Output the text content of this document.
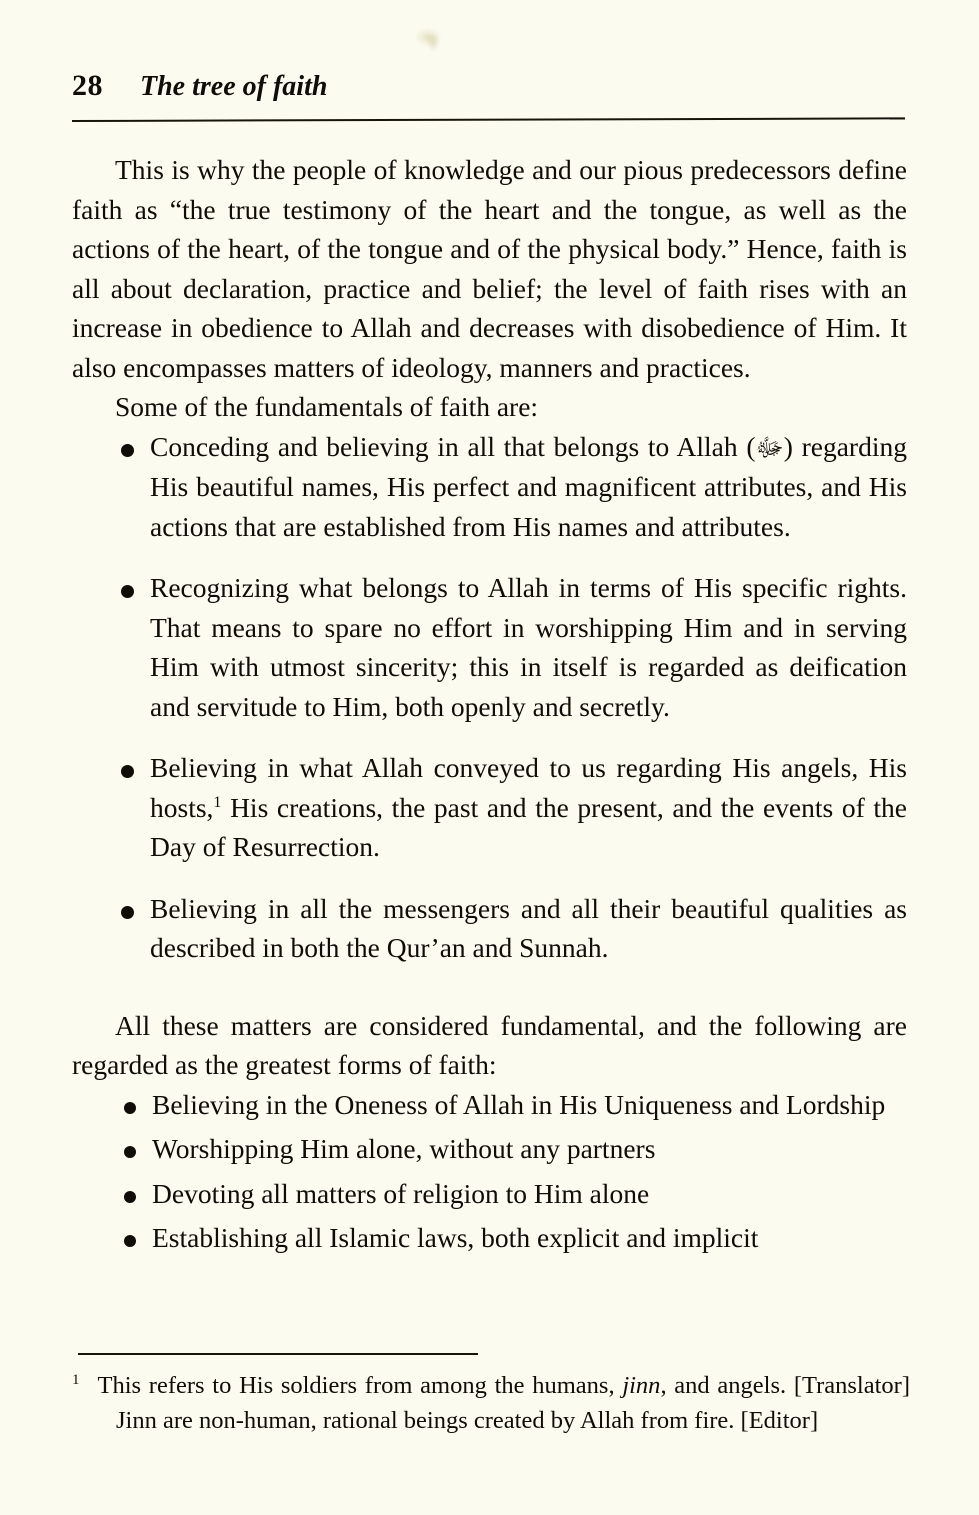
28 The tree of faith

This is why the people of knowledge and our pious predecessors define faith as “the true testimony of the heart and the tongue, as well as the actions of the heart, of the tongue and of the physical body.” Hence, faith is all about declaration, practice and belief; the level of faith rises with an increase in obedience to Allah and decreases with disobedience of Him. It also encompasses matters of ideology, manners and practices.

Some of the fundamentals of faith are:

Conceding and believing in all that belongs to Allah (ﷻ) regarding His beautiful names, His perfect and magnificent attributes, and His actions that are established from His names and attributes.
Recognizing what belongs to Allah in terms of His specific rights. That means to spare no effort in worshipping Him and in serving Him with utmost sincerity; this in itself is regarded as deification and servitude to Him, both openly and secretly.
Believing in what Allah conveyed to us regarding His angels, His hosts,$^1$ His creations, the past and the present, and the events of the Day of Resurrection.
Believing in all the messengers and all their beautiful qualities as described in both the Qur’an and Sunnah.

All these matters are considered fundamental, and the following are regarded as the greatest forms of faith:

Believing in the Oneness of Allah in His Uniqueness and Lordship
Worshipping Him alone, without any partners
Devoting all matters of religion to Him alone
Establishing all Islamic laws, both explicit and implicit
$^1$ This refers to His soldiers from among the humans, jinn, and angels. [Translator] Jinn are non-human, rational beings created by Allah from fire. [Editor]
